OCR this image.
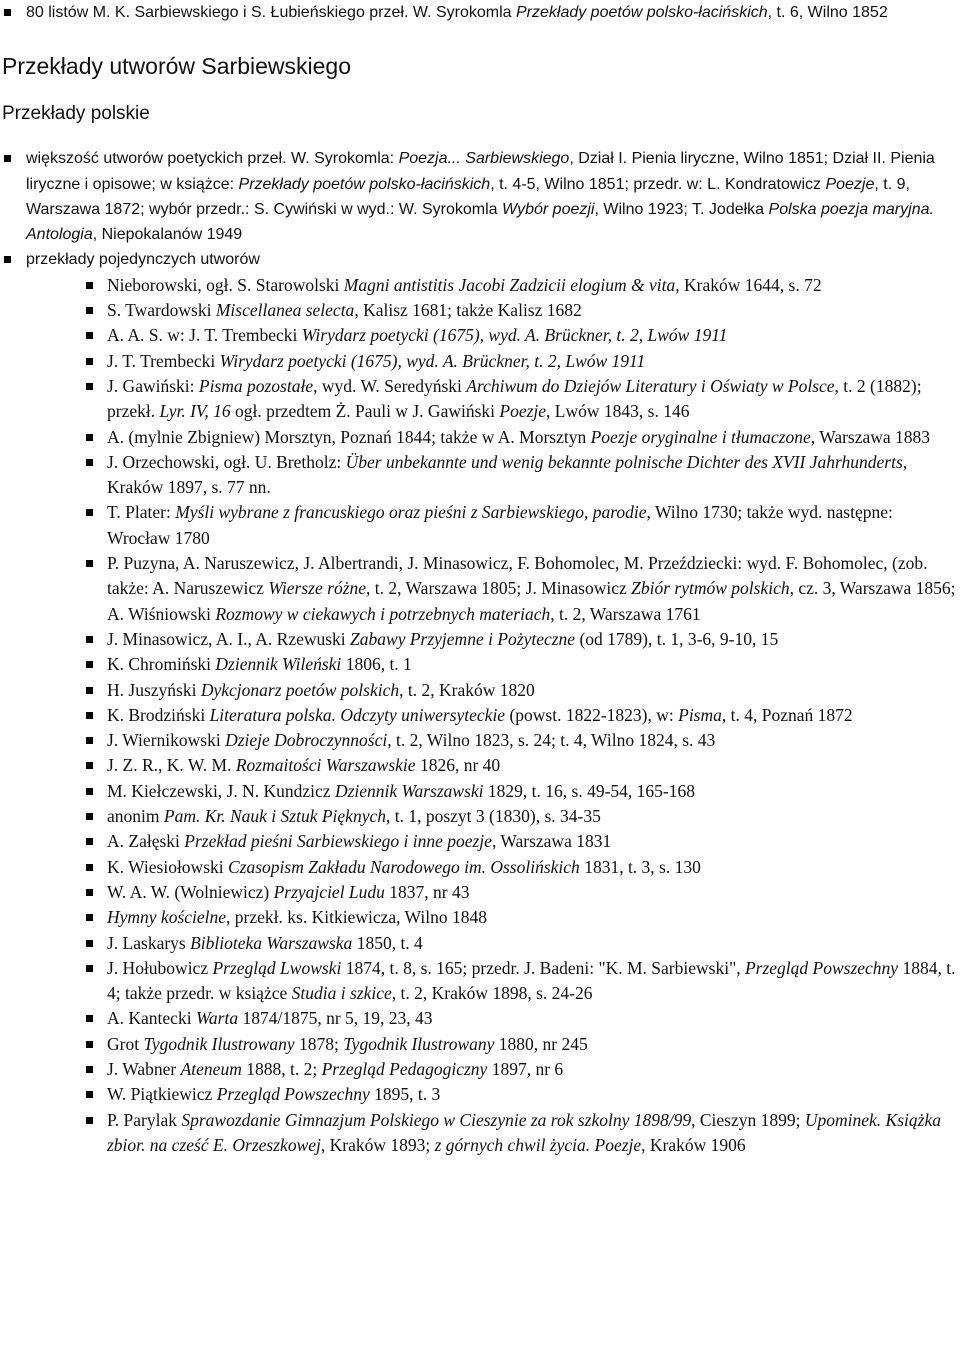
80 listów M. K. Sarbiewskiego i S. Łubieńskiego przeł. W. Syrokomla Przekłady poetów polsko-łacińskich, t. 6, Wilno 1852
Przekłady utworów Sarbiewskiego
Przekłady polskie
większość utworów poetyckich przeł. W. Syrokomla: Poezja... Sarbiewskiego, Dział I. Pienia liryczne, Wilno 1851; Dział II. Pienia liryczne i opisowe; w książce: Przekłady poetów polsko-łacińskich, t. 4-5, Wilno 1851; przedr. w: L. Kondratowicz Poezje, t. 9, Warszawa 1872; wybór przedr.: S. Cywiński w wyd.: W. Syrokomla Wybór poezji, Wilno 1923; T. Jodełka Polska poezja maryjna. Antologia, Niepokalanów 1949
przekłady pojedynczych utworów
Nieborowski, ogł. S. Starowolski Magni antistitis Jacobi Zadzicii elogium & vita, Kraków 1644, s. 72
S. Twardowski Miscellanea selecta, Kalisz 1681; także Kalisz 1682
A. A. S. w: J. T. Trembecki Wirydarz poetycki (1675), wyd. A. Brückner, t. 2, Lwów 1911
J. T. Trembecki Wirydarz poetycki (1675), wyd. A. Brückner, t. 2, Lwów 1911
J. Gawiński: Pisma pozostałe, wyd. W. Seredyński Archiwum do Dziejów Literatury i Oświaty w Polsce, t. 2 (1882); przekł. Lyr. IV, 16 ogł. przedtem Ż. Pauli w J. Gawiński Poezje, Lwów 1843, s. 146
A. (mylnie Zbigniew) Morsztyn, Poznań 1844; także w A. Morsztyn Poezje oryginalne i tłumaczone, Warszawa 1883
J. Orzechowski, ogł. U. Bretholz: Über unbekannte und wenig bekannte polnische Dichter des XVII Jahrhunderts, Kraków 1897, s. 77 nn.
T. Plater: Myśli wybrane z francuskiego oraz pieśni z Sarbiewskiego, parodie, Wilno 1730; także wyd. następne: Wrocław 1780
P. Puzyna, A. Naruszewicz, J. Albertrandi, J. Minasowicz, F. Bohomolec, M. Przeździecki: wyd. F. Bohomolec, (zob. także: A. Naruszewicz Wiersze różne, t. 2, Warszawa 1805; J. Minasowicz Zbiór rytmów polskich, cz. 3, Warszawa 1856; A. Wiśniowski Rozmowy w ciekawych i potrzebnych materiach, t. 2, Warszawa 1761
J. Minasowicz, A. I., A. Rzewuski Zabawy Przyjemne i Pożyteczne (od 1789), t. 1, 3-6, 9-10, 15
K. Chromiński Dziennik Wileński 1806, t. 1
H. Juszyński Dykcjonarz poetów polskich, t. 2, Kraków 1820
K. Brodziński Literatura polska. Odczyty uniwersyteckie (powst. 1822-1823), w: Pisma, t. 4, Poznań 1872
J. Wiernikowski Dzieje Dobroczynności, t. 2, Wilno 1823, s. 24; t. 4, Wilno 1824, s. 43
J. Z. R., K. W. M. Rozmaitości Warszawskie 1826, nr 40
M. Kiełczewski, J. N. Kundzicz Dziennik Warszawski 1829, t. 16, s. 49-54, 165-168
anonim Pam. Kr. Nauk i Sztuk Pięknych, t. 1, poszyt 3 (1830), s. 34-35
A. Załęski Przekład pieśni Sarbiewskiego i inne poezje, Warszawa 1831
K. Wiesiołowski Czasopism Zakładu Narodowego im. Ossolińskich 1831, t. 3, s. 130
W. A. W. (Wolniewicz) Przyajciel Ludu 1837, nr 43
Hymny kościelne, przekł. ks. Kitkiewicza, Wilno 1848
J. Laskarys Biblioteka Warszawska 1850, t. 4
J. Hołubowicz Przegląd Lwowski 1874, t. 8, s. 165; przedr. J. Badeni: "K. M. Sarbiewski", Przegląd Powszechny 1884, t. 4; także przedr. w książce Studia i szkice, t. 2, Kraków 1898, s. 24-26
A. Kantecki Warta 1874/1875, nr 5, 19, 23, 43
Grot Tygodnik Ilustrowany 1878; Tygodnik Ilustrowany 1880, nr 245
J. Wabner Ateneum 1888, t. 2; Przegląd Pedagogiczny 1897, nr 6
W. Piątkiewicz Przegląd Powszechny 1895, t. 3
P. Parylak Sprawozdanie Gimnazjum Polskiego w Cieszynie za rok szkolny 1898/99, Cieszyn 1899; Upominek. Książka zbior. na cześć E. Orzeszkowej, Kraków 1893; z górnych chwil życia. Poezje, Kraków 1906
